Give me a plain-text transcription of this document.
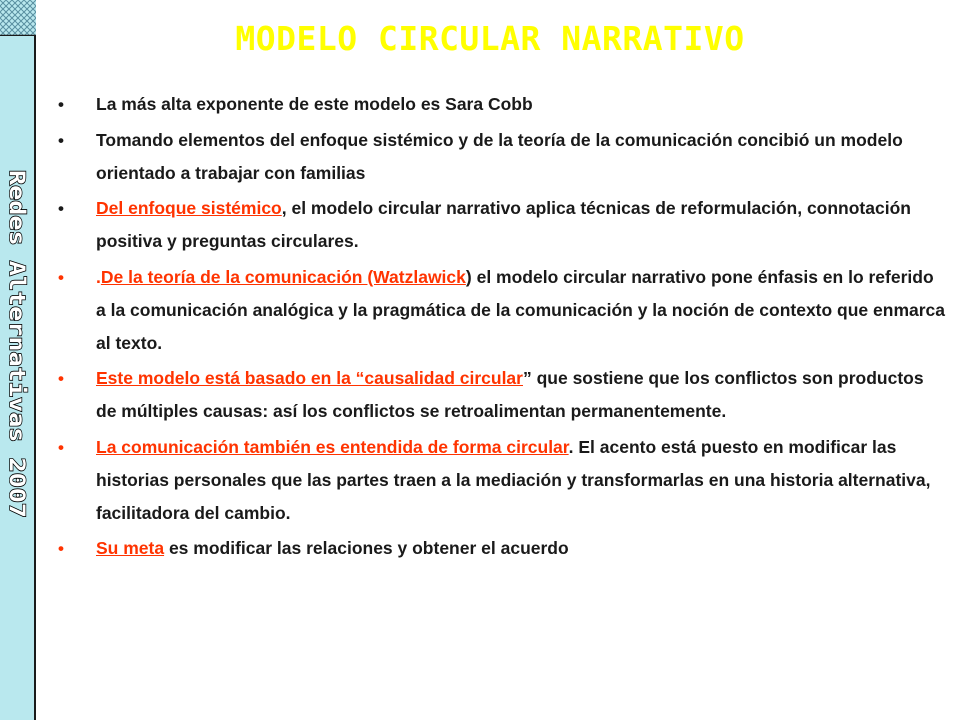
Redes Alternativas 2007
MODELO CIRCULAR NARRATIVO
• La más alta exponente de este modelo es Sara Cobb
• Tomando elementos del enfoque sistémico y de la teoría de la comunicación concibió un modelo orientado a trabajar con familias
• Del enfoque sistémico, el modelo circular narrativo aplica técnicas de reformulación, connotación positiva y preguntas circulares.
• .De la teoría de la comunicación (Watzlawick) el modelo circular narrativo pone énfasis en lo referido a la comunicación analógica y la pragmática de la comunicación y la noción de contexto que enmarca al texto.
• Este modelo está basado en la “causalidad circular” que sostiene que los conflictos son productos de múltiples causas: así los conflictos se retroalimentan permanentemente.
• La comunicación también es entendida de forma circular. El acento está puesto en modificar las historias personales que las partes traen a la mediación y transformarlas en una historia alternativa, facilitadora del cambio.
• Su meta es modificar las relaciones y obtener el acuerdo
